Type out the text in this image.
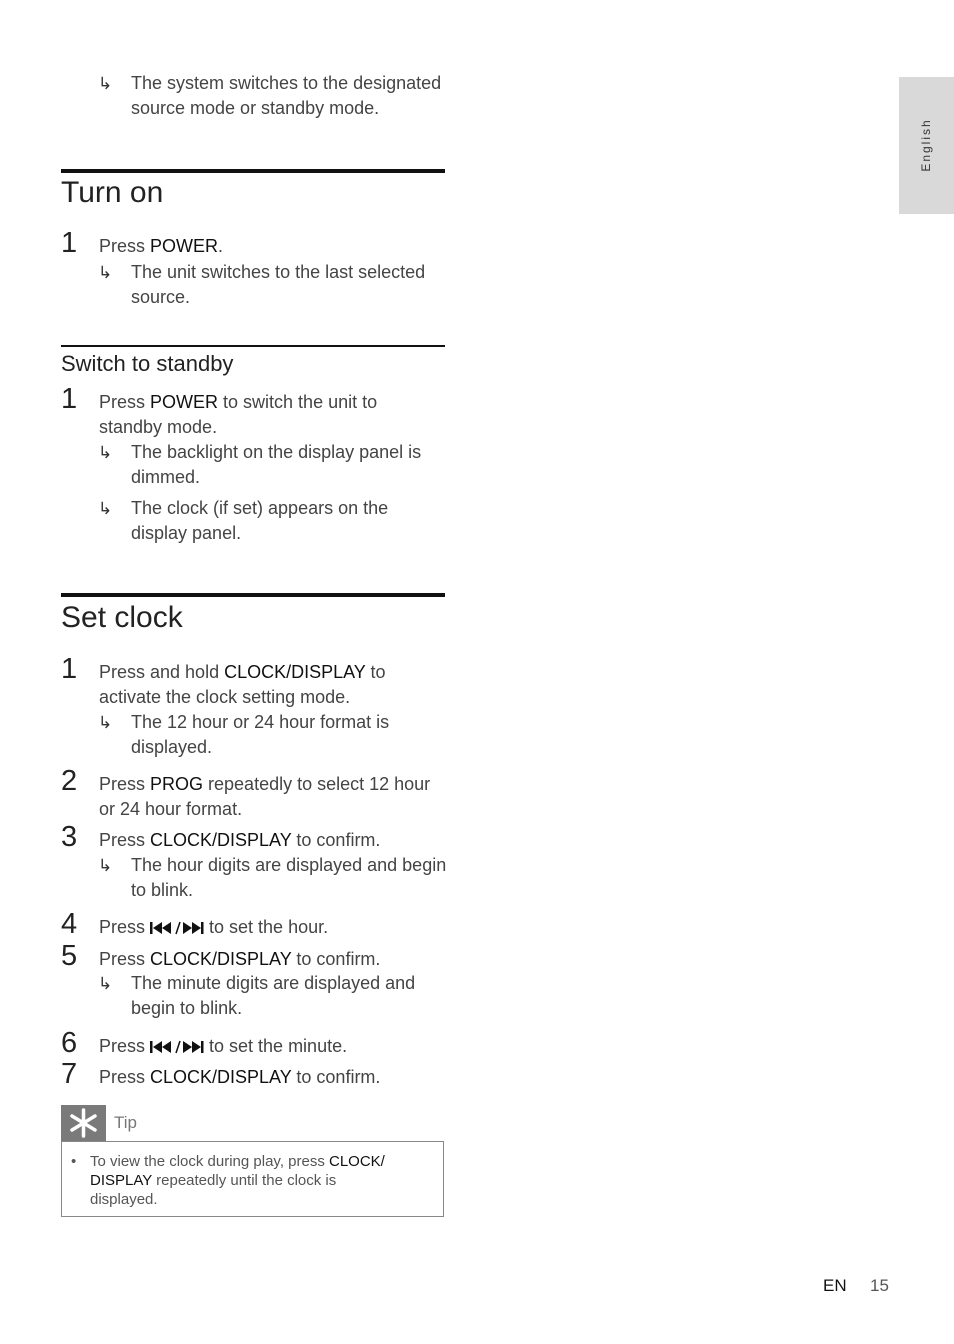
↳ The system switches to the designated
source mode or standby mode.
Turn on
1 Press POWER.
↳ The unit switches to the last selected
source.
Switch to standby
1 Press POWER to switch the unit to
standby mode.
↳ The backlight on the display panel is
dimmed.
↳ The clock (if set) appears on the
display panel.
Set clock
1 Press and hold CLOCK/DISPLAY to
activate the clock setting mode.
↳ The 12 hour or 24 hour format is
displayed.
2 Press PROG repeatedly to select 12 hour
or 24 hour format.
3 Press CLOCK/DISPLAY to confirm.
↳ The hour digits are displayed and begin
to blink.
4 Press	to set the hour.
5 Press CLOCK/DISPLAY to confirm.
↳ The minute digits are displayed and
begin to blink.
6 Press	to set the minute.
7 Press CLOCK/DISPLAY to confirm.
Tip
• To view the clock during play, press CLOCK/
DISPLAY repeatedly until the clock is
displayed.
English
EN 15
